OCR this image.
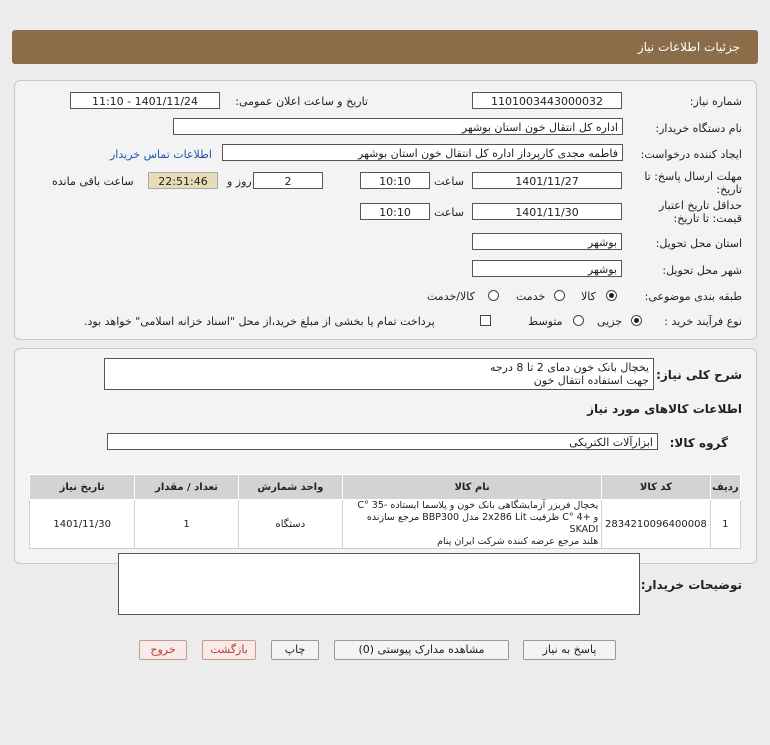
جزئیات اطلاعات نیاز
شماره نیاز:
1101003443000032
تاریخ و ساعت اعلان عمومی:
1401/11/24 - 11:10
نام دستگاه خریدار:
اداره کل انتقال خون استان بوشهر
ایجاد کننده درخواست:
فاطمه مجدی کارپرداز اداره کل انتقال خون استان بوشهر
اطلاعات تماس خریدار
مهلت ارسال پاسخ: تا تاریخ:
1401/11/27
ساعت
10:10
2
روز و
22:51:46
ساعت باقی مانده
حداقل تاریخ اعتبار قیمت: تا تاریخ:
1401/11/30
ساعت
10:10
استان محل تحویل:
بوشهر
شهر محل تحویل:
بوشهر
طبقه بندی موضوعی:
کالا
خدمت
کالا/خدمت
نوع فرآیند خرید :
جزیی
متوسط
پرداخت تمام یا بخشی از مبلغ خرید،از محل "اسناد خزانه اسلامی" خواهد بود.
شرح کلی نیاز:
یخچال بانک خون دمای 2 تا 8 درجه
جهت استفاده انتقال خون
اطلاعات کالاهای مورد نیاز
گروه کالا:
ابزارآلات الکتریکی
ردیف	کد کالا	نام کالا	واحد شمارش	تعداد / مقدار	تاریخ نیاز
1	2834210096400008	یخچال فریزر آزمایشگاهی بانک خون و پلاسما ایستاده -35 °C
و +4 °C ظرفیت 2x286 Lit مدل BBP300 مرجع سازنده SKADI
هلند مرجع عرضه کننده شرکت ایران پنام	دستگاه	1	1401/11/30
توضیحات خریدار:
پاسخ به نیاز
مشاهده مدارک پیوستی (0)
چاپ
بازگشت
خروج
